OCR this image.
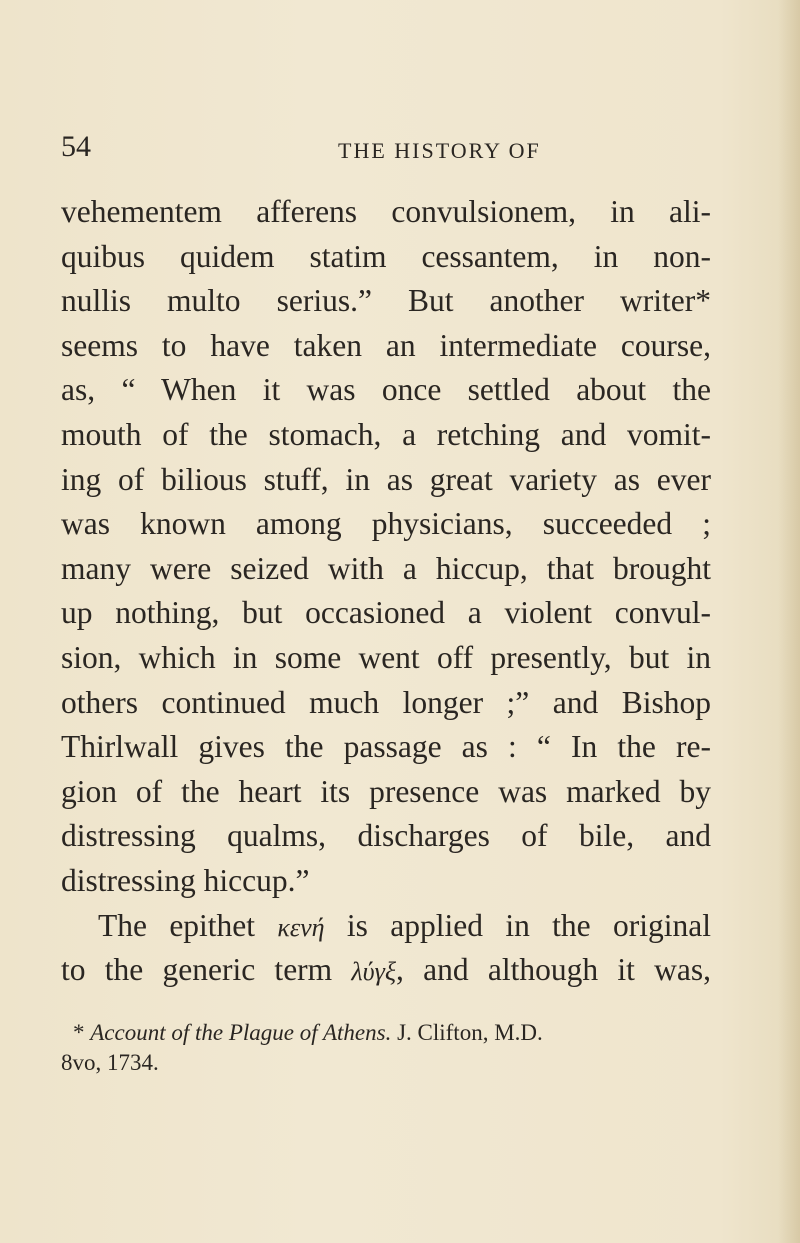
54	THE HISTORY OF
vehementem afferens convulsionem, in ali-
quibus quidem statim cessantem, in non-
nullis multo serius.” But another writer*
seems to have taken an intermediate course,
as, “ When it was once settled about the
mouth of the stomach, a retching and vomit-
ing of bilious stuff, in as great variety as ever
was known among physicians, succeeded ;
many were seized with a hiccup, that brought
up nothing, but occasioned a violent convul-
sion, which in some went off presently, but in
others continued much longer ;” and Bishop
Thirlwall gives the passage as : “ In the re-
gion of the heart its presence was marked by
distressing qualms, discharges of bile, and
distressing hiccup.”
The epithet κενή is applied in the original
to the generic term λύγξ, and although it was,
* Account of the Plague of Athens. J. Clifton, M.D.
8vo, 1734.
